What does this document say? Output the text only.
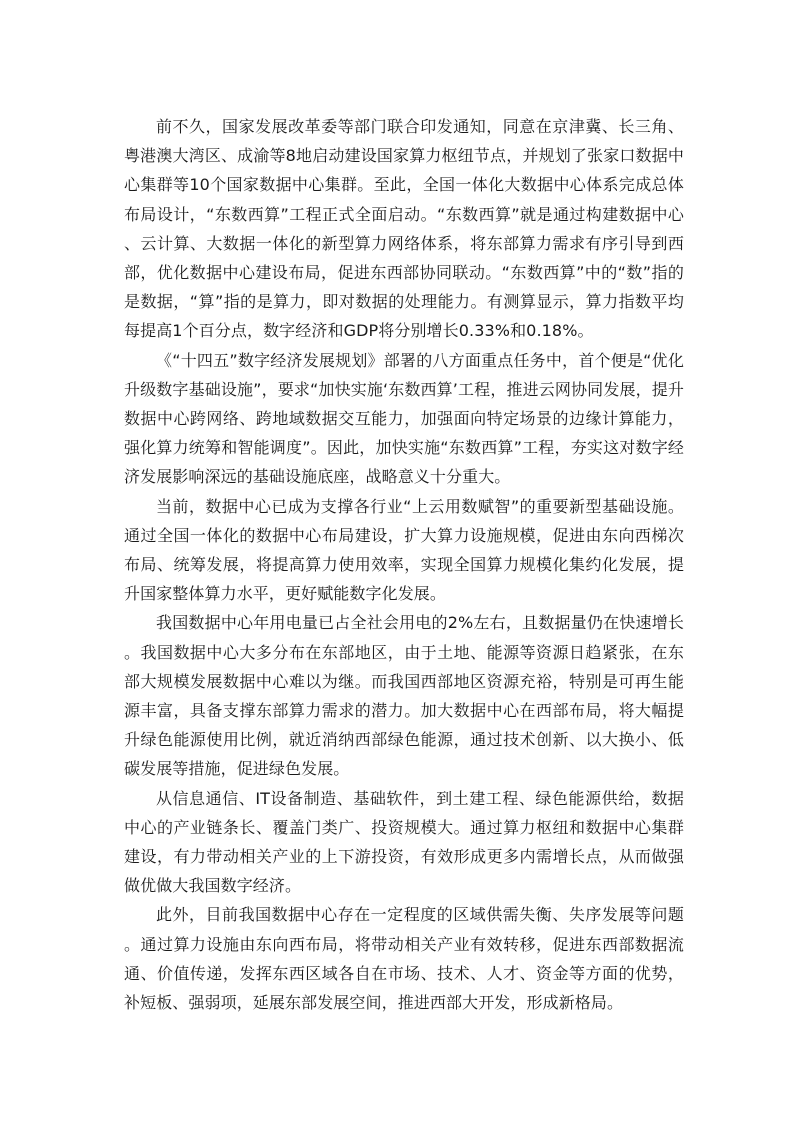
前不久，国家发展改革委等部门联合印发通知，同意在京津冀、长三角、粤港澳大湾区、成渝等8地启动建设国家算力枢纽节点，并规划了张家口数据中心集群等10个国家数据中心集群。至此，全国一体化大数据中心体系完成总体布局设计，“东数西算”工程正式全面启动。“东数西算”就是通过构建数据中心、云计算、大数据一体化的新型算力网络体系，将东部算力需求有序引导到西部，优化数据中心建设布局，促进东西部协同联动。“东数西算”中的“数”指的是数据，“算”指的是算力，即对数据的处理能力。有测算显示，算力指数平均每提高1个百分点，数字经济和GDP将分别增长0.33%和0.18%。

《“十四五”数字经济发展规划》部署的八方面重点任务中，首个便是“优化升级数字基础设施”，要求“加快实施‘东数西算’工程，推进云网协同发展，提升数据中心跨网络、跨地域数据交互能力，加强面向特定场景的边缘计算能力，强化算力统筹和智能调度”。因此，加快实施“东数西算”工程，夯实这对数字经济发展影响深远的基础设施底座，战略意义十分重大。

当前，数据中心已成为支撑各行业“上云用数赋智”的重要新型基础设施。通过全国一体化的数据中心布局建设，扩大算力设施规模，促进由东向西梯次布局、统筹发展，将提高算力使用效率，实现全国算力规模化集约化发展，提升国家整体算力水平，更好赋能数字化发展。

我国数据中心年用电量已占全社会用电的2%左右，且数据量仍在快速增长。我国数据中心大多分布在东部地区，由于土地、能源等资源日趋紧张，在东部大规模发展数据中心难以为继。而我国西部地区资源充裕，特别是可再生能源丰富，具备支撑东部算力需求的潜力。加大数据中心在西部布局，将大幅提升绿色能源使用比例，就近消纳西部绿色能源，通过技术创新、以大换小、低碳发展等措施，促进绿色发展。

从信息通信、IT设备制造、基础软件，到土建工程、绿色能源供给，数据中心的产业链条长、覆盖门类广、投资规模大。通过算力枢纽和数据中心集群建设，有力带动相关产业的上下游投资，有效形成更多内需增长点，从而做强做优做大我国数字经济。

此外，目前我国数据中心存在一定程度的区域供需失衡、失序发展等问题。通过算力设施由东向西布局，将带动相关产业有效转移，促进东西部数据流通、价值传递，发挥东西区域各自在市场、技术、人才、资金等方面的优势，补短板、强弱项，延展东部发展空间，推进西部大开发，形成新格局。
